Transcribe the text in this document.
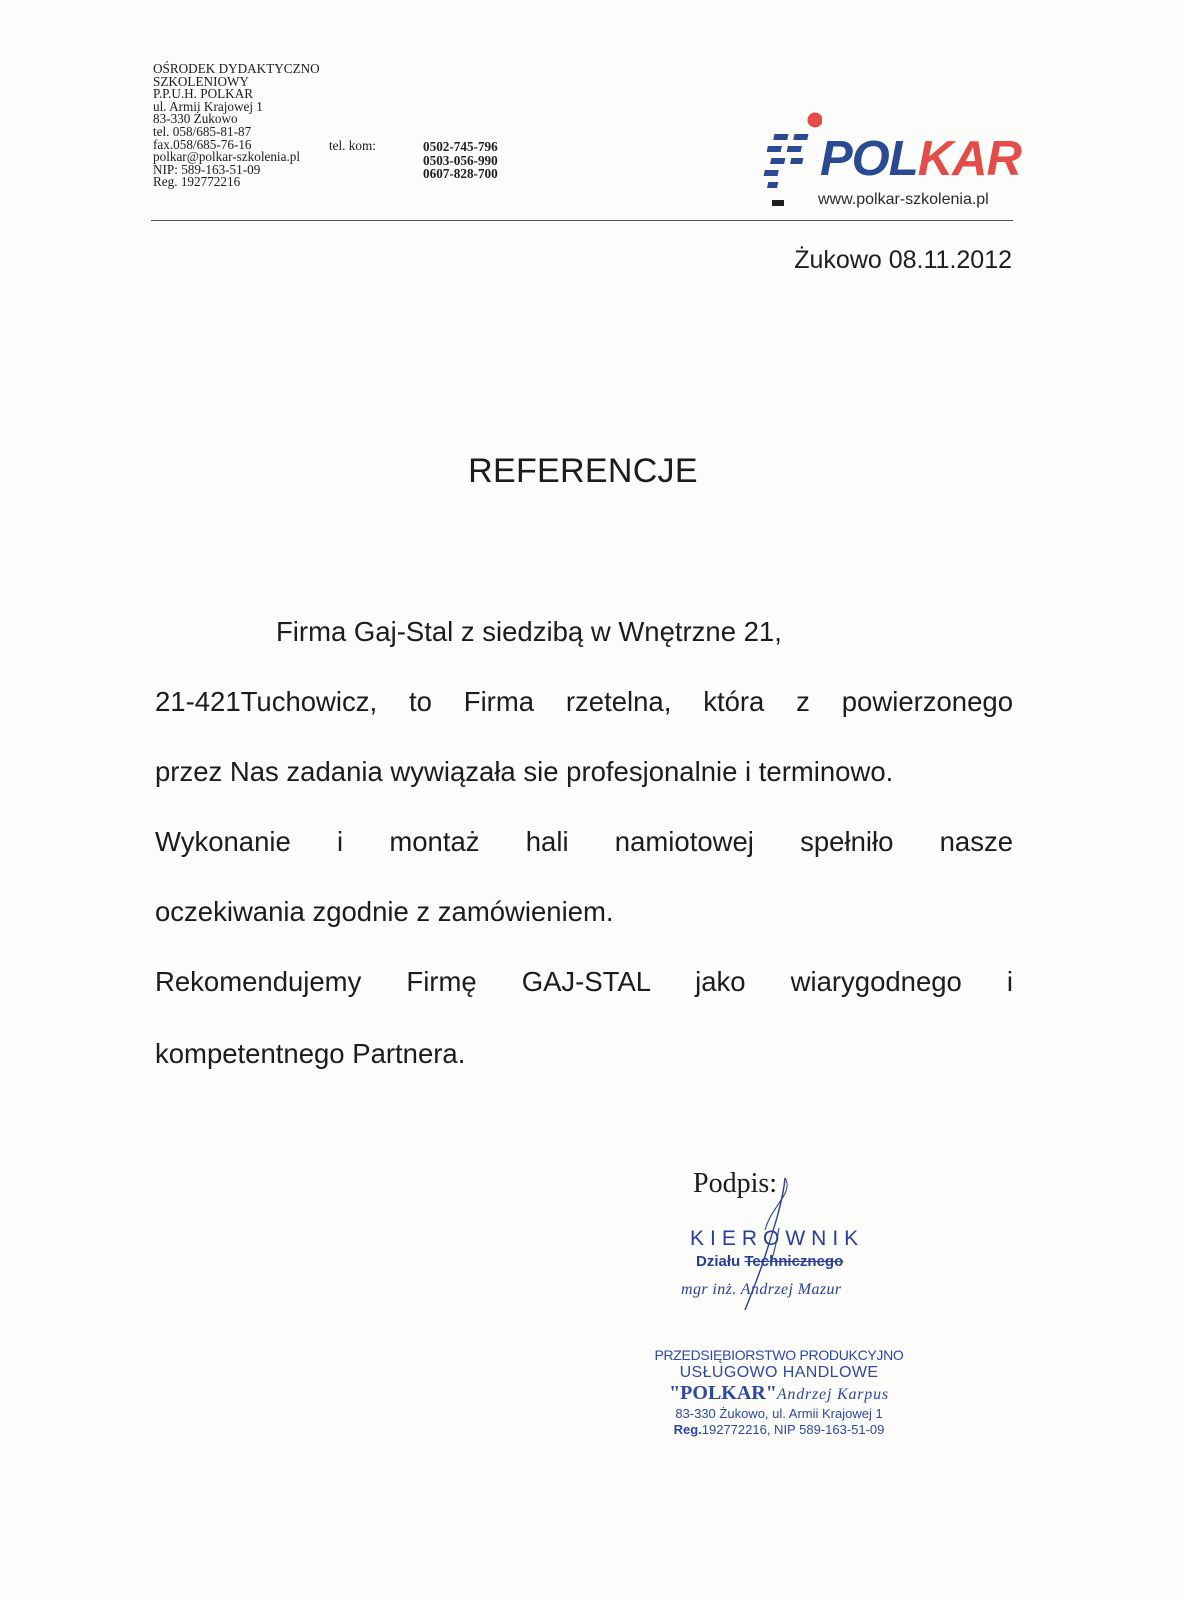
OŚRODEK DYDAKTYCZNO
SZKOLENIOWY
P.P.U.H. POLKAR
ul. Armii Krajowej 1
83-330 Żukowo
tel. 058/685-81-87
fax.058/685-76-16
polkar@polkar-szkolenia.pl
NIP: 589-163-51-09
Reg. 192772216
tel. kom:	0502-745-796
0503-056-990
0607-828-700	POLKAR
www.polkar-szkolenia.pl
Żukowo 08.11.2012
REFERENCJE
Firma Gaj-Stal z siedzibą w Wnętrzne 21,
21-421Tuchowicz, to Firma rzetelna, która z powierzonego
przez Nas zadania wywiązała sie profesjonalnie i terminowo.
Wykonanie i montaż hali namiotowej spełniło nasze
oczekiwania zgodnie z zamówieniem.
Rekomendujemy Firmę GAJ-STAL jako wiarygodnego i
kompetentnego Partnera.
Podpis:
KIEROWNIK
Działu Technicznego
mgr inż. Andrzej Mazur
PRZEDSIĘBIORSTWO PRODUKCYJNO
USŁUGOWO HANDLOWE
"POLKAR"Andrzej Karpus
83-330 Żukowo, ul. Armii Krajowej 1
Reg.192772216, NIP 589-163-51-09
